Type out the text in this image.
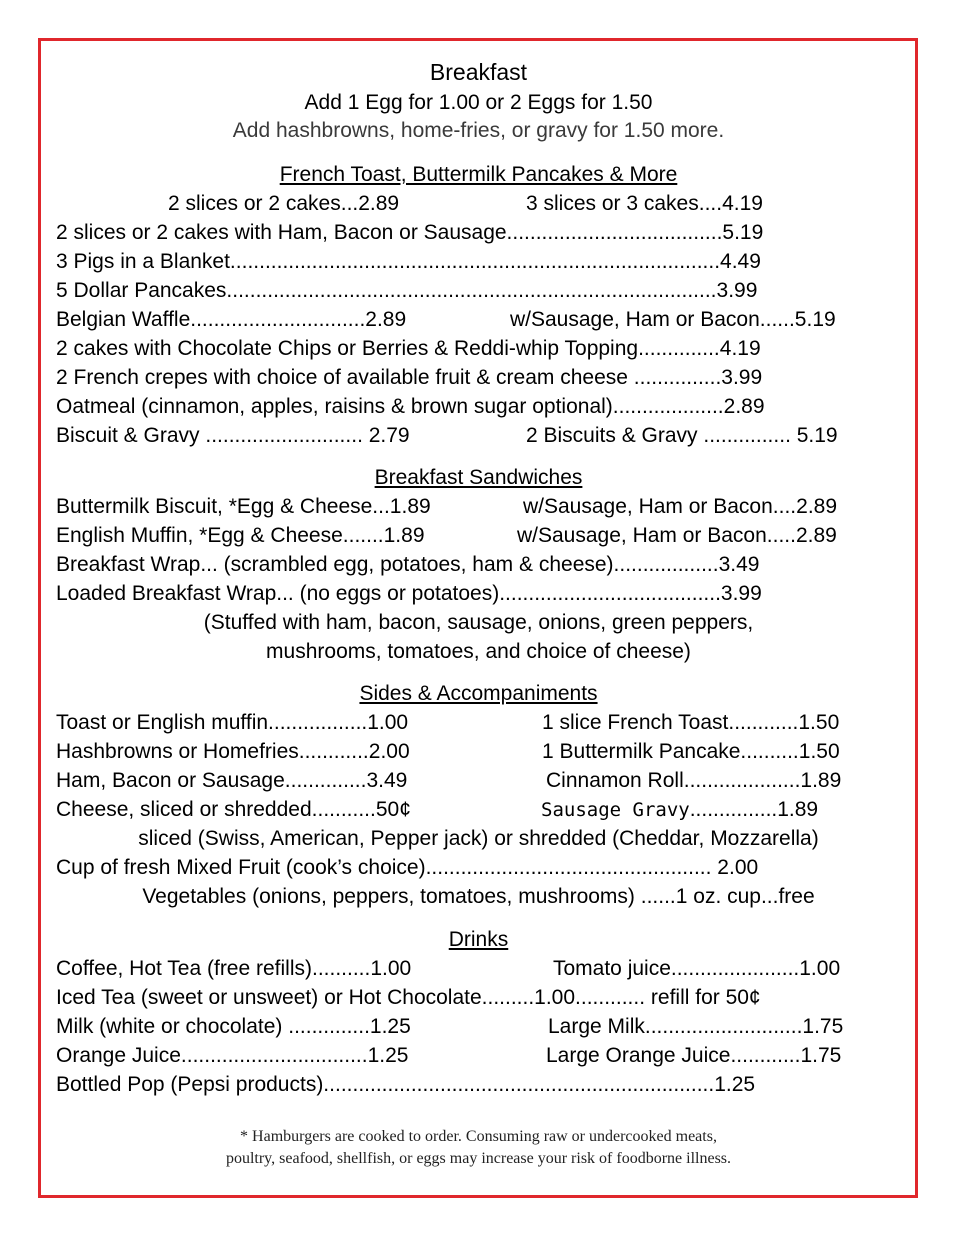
Breakfast
Add 1 Egg for 1.00 or 2 Eggs for 1.50
Add hashbrowns, home-fries, or gravy for 1.50 more.
French Toast, Buttermilk Pancakes & More
2 slices or 2 cakes...2.89	3 slices or 3 cakes....4.19
2 slices or 2 cakes with Ham, Bacon or Sausage.....................................5.19
3 Pigs in a Blanket....................................................................................4.49
5 Dollar Pancakes....................................................................................3.99
Belgian Waffle..............................2.89	w/Sausage, Ham or Bacon......5.19
2 cakes with Chocolate Chips or Berries & Reddi-whip Topping..............4.19
2 French crepes with choice of available fruit & cream cheese ...............3.99
Oatmeal (cinnamon, apples, raisins & brown sugar optional)...................2.89
Biscuit & Gravy ........................... 2.79	2 Biscuits & Gravy ............... 5.19
Breakfast Sandwiches
Buttermilk Biscuit, *Egg & Cheese...1.89	w/Sausage, Ham or Bacon....2.89
English Muffin, *Egg & Cheese.......1.89	w/Sausage, Ham or Bacon.....2.89
Breakfast Wrap... (scrambled egg, potatoes, ham & cheese)..................3.49
Loaded Breakfast Wrap... (no eggs or potatoes)......................................3.99
(Stuffed with ham, bacon, sausage, onions, green peppers,
mushrooms, tomatoes, and choice of cheese)
Sides & Accompaniments
Toast or English muffin.................1.00	1 slice French Toast............1.50
Hashbrowns or Homefries............2.00	1 Buttermilk Pancake..........1.50
Ham, Bacon or Sausage..............3.49	Cinnamon Roll....................1.89
Cheese, sliced or shredded...........50¢	Sausage Gravy...............1.89
sliced (Swiss, American, Pepper jack) or shredded (Cheddar, Mozzarella)
Cup of fresh Mixed Fruit (cook’s choice)................................................. 2.00
Vegetables (onions, peppers, tomatoes, mushrooms) ......1 oz. cup...free
Drinks
Coffee, Hot Tea (free refills)..........1.00	Tomato juice......................1.00
Iced Tea (sweet or unsweet) or Hot Chocolate.........1.00............ refill for 50¢
Milk (white or chocolate) ..............1.25	Large Milk...........................1.75
Orange Juice................................1.25	Large Orange Juice............1.75
Bottled Pop (Pepsi products)...................................................................1.25
* Hamburgers are cooked to order. Consuming raw or undercooked meats,
poultry, seafood, shellfish, or eggs may increase your risk of foodborne illness.
